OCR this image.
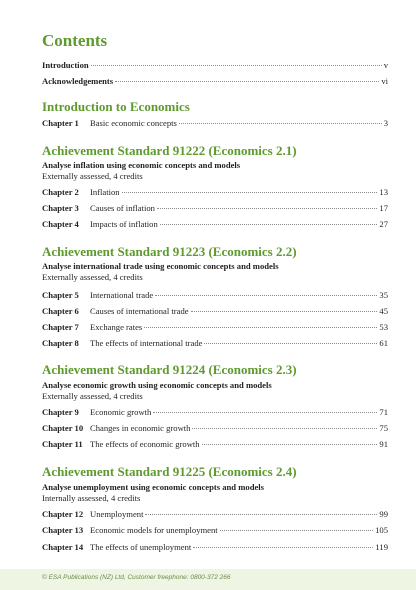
Contents
Introduction	v
Acknowledgements	vi
Introduction to Economics
Chapter 1	Basic economic concepts	3
Achievement Standard 91222 (Economics 2.1)
Analyse inflation using economic concepts and models
Externally assessed, 4 credits
Chapter 2	Inflation	13
Chapter 3	Causes of inflation	17
Chapter 4	Impacts of inflation	27
Achievement Standard 91223 (Economics 2.2)
Analyse international trade using economic concepts and models
Externally assessed, 4 credits
Chapter 5	International trade	35
Chapter 6	Causes of international trade	45
Chapter 7	Exchange rates	53
Chapter 8	The effects of international trade	61
Achievement Standard 91224 (Economics 2.3)
Analyse economic growth using economic concepts and models
Externally assessed, 4 credits
Chapter 9	Economic growth	71
Chapter 10 Changes in economic growth	75
Chapter 11 The effects of economic growth	91
Achievement Standard 91225 (Economics 2.4)
Analyse unemployment using economic concepts and models
Internally assessed, 4 credits
Chapter 12 Unemployment	99
Chapter 13 Economic models for unemployment	105
Chapter 14 The effects of unemployment	119
© ESA Publications (NZ) Ltd, Customer freephone: 0800-372 266
